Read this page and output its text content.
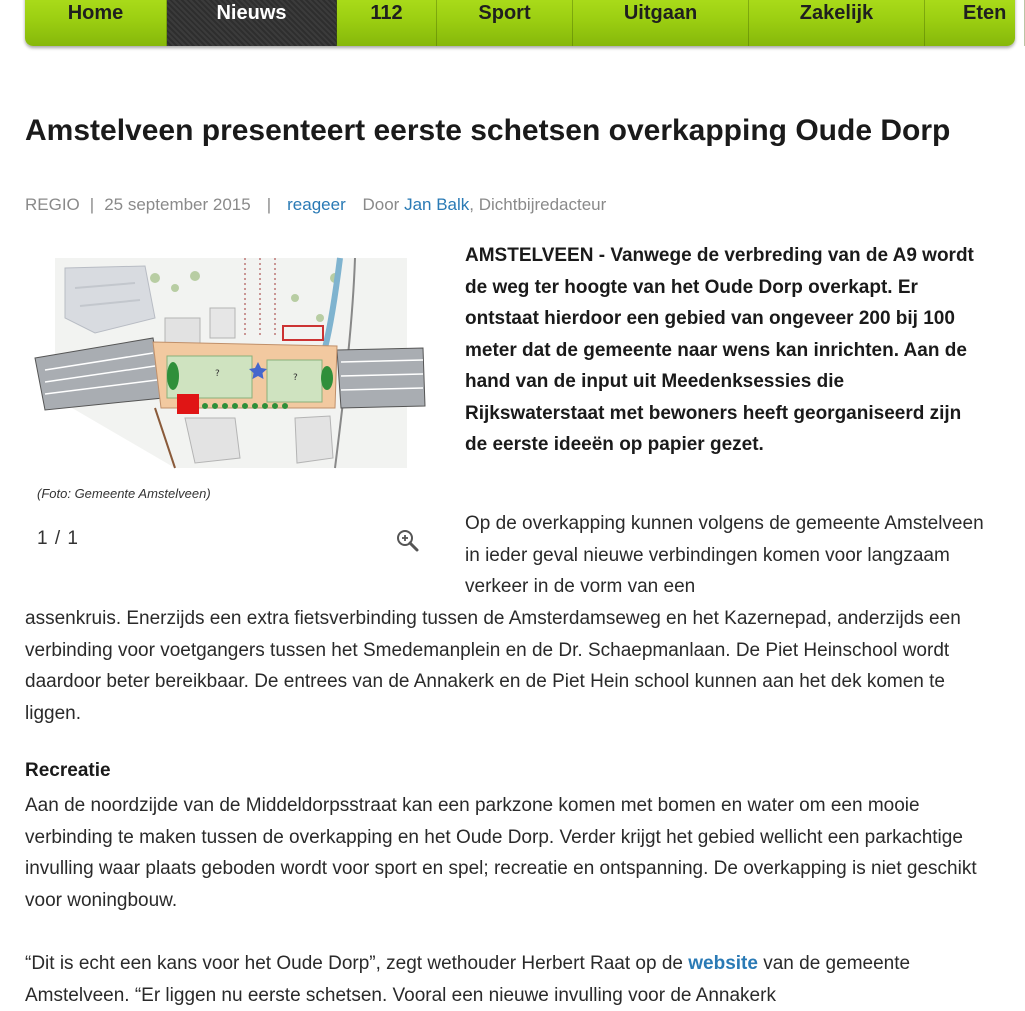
Home	Nieuws	112	Sport	Uitgaan	Zakelijk	Eten
Amstelveen presenteert eerste schetsen overkapping Oude Dorp
REGIO | 25 september 2015 | reageer Door Jan Balk, Dichtbijredacteur
?	?
(Foto: Gemeente Amstelveen)
1 / 1

AMSTELVEEN - Vanwege de verbreding van de A9 wordt de weg ter hoogte van het Oude Dorp overkapt. Er ontstaat hierdoor een gebied van ongeveer 200 bij 100 meter dat de gemeente naar wens kan inrichten. Aan de hand van de input uit Meedenksessies die Rijkswaterstaat met bewoners heeft georganiseerd zijn de eerste ideeën op papier gezet.

Op de overkapping kunnen volgens de gemeente Amstelveen in ieder geval nieuwe verbindingen komen voor langzaam verkeer in de vorm van een

assenkruis. Enerzijds een extra fietsverbinding tussen de Amsterdamseweg en het Kazernepad, anderzijds een verbinding voor voetgangers tussen het Smedemanplein en de Dr. Schaepmanlaan. De Piet Heinschool wordt daardoor beter bereikbaar. De entrees van de Annakerk en de Piet Hein school kunnen aan het dek komen te liggen.

Recreatie

Aan de noordzijde van de Middeldorpsstraat kan een parkzone komen met bomen en water om een mooie verbinding te maken tussen de overkapping en het Oude Dorp. Verder krijgt het gebied wellicht een parkachtige invulling waar plaats geboden wordt voor sport en spel; recreatie en ontspanning. De overkapping is niet geschikt voor woningbouw.

“Dit is echt een kans voor het Oude Dorp”, zegt wethouder Herbert Raat op de website van de gemeente Amstelveen. “Er liggen nu eerste schetsen. Vooral een nieuwe invulling voor de Annakerk
